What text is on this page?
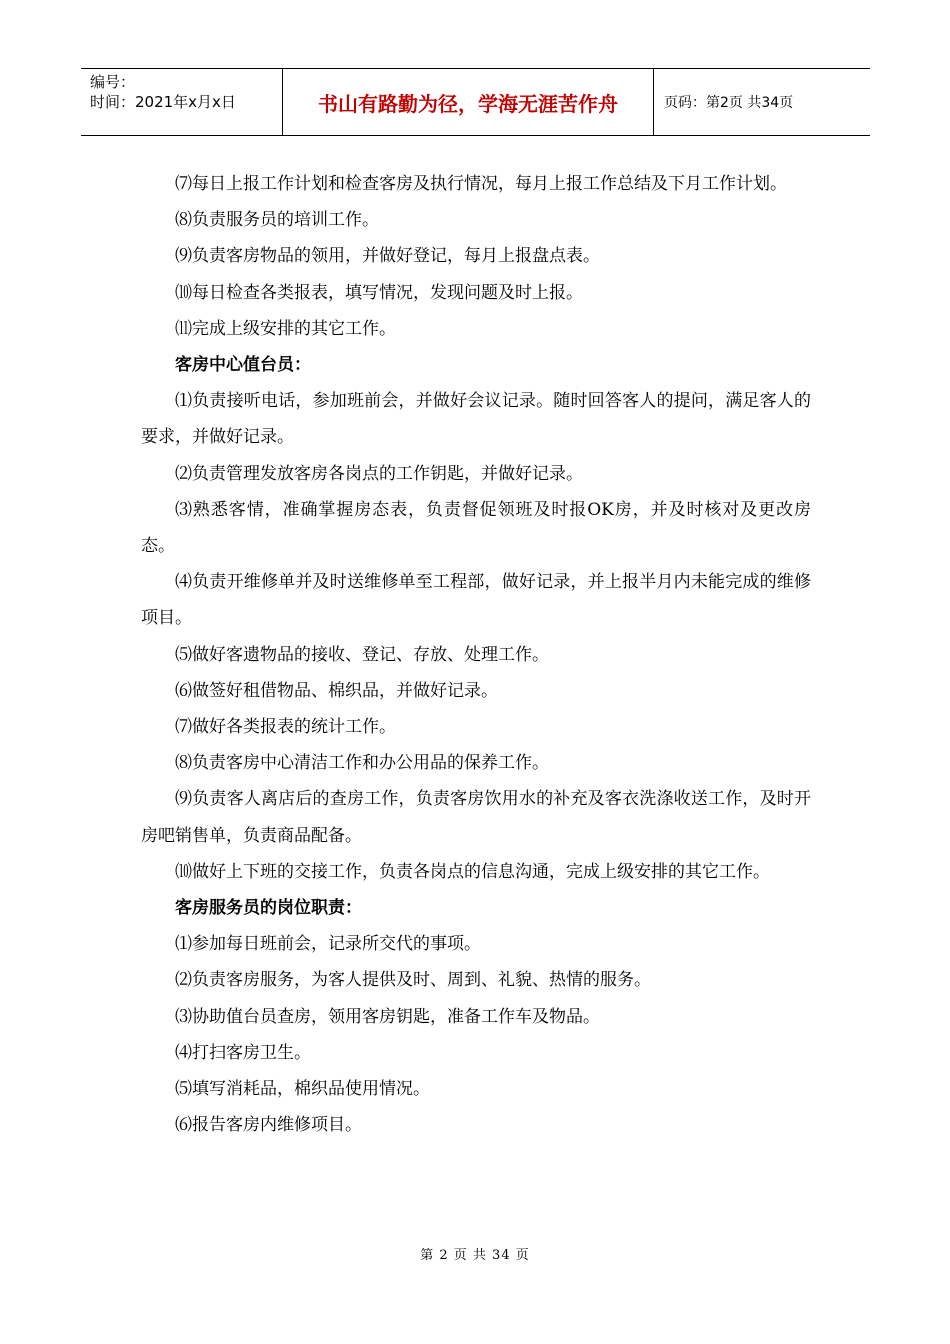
编号：
时间：2021年x月x日	书山有路勤为径，学海无涯苦作舟	页码：第2页 共34页

⑺每日上报工作计划和检查客房及执行情况，每月上报工作总结及下月工作计划。

⑻负责服务员的培训工作。

⑼负责客房物品的领用，并做好登记，每月上报盘点表。

⑽每日检查各类报表，填写情况，发现问题及时上报。

⑾完成上级安排的其它工作。

客房中心值台员：

⑴负责接听电话，参加班前会，并做好会议记录。随时回答客人的提问，满足客人的要求，并做好记录。

⑵负责管理发放客房各岗点的工作钥匙，并做好记录。

⑶熟悉客情，准确掌握房态表，负责督促领班及时报OK房，并及时核对及更改房态。

⑷负责开维修单并及时送维修单至工程部，做好记录，并上报半月内未能完成的维修项目。

⑸做好客遗物品的接收、登记、存放、处理工作。

⑹做签好租借物品、棉织品，并做好记录。

⑺做好各类报表的统计工作。

⑻负责客房中心清洁工作和办公用品的保养工作。

⑼负责客人离店后的查房工作，负责客房饮用水的补充及客衣洗涤收送工作，及时开房吧销售单，负责商品配备。

⑽做好上下班的交接工作，负责各岗点的信息沟通，完成上级安排的其它工作。

客房服务员的岗位职责：

⑴参加每日班前会，记录所交代的事项。

⑵负责客房服务，为客人提供及时、周到、礼貌、热情的服务。

⑶协助值台员查房，领用客房钥匙，准备工作车及物品。

⑷打扫客房卫生。

⑸填写消耗品，棉织品使用情况。

⑹报告客房内维修项目。

第 2 页 共 34 页
